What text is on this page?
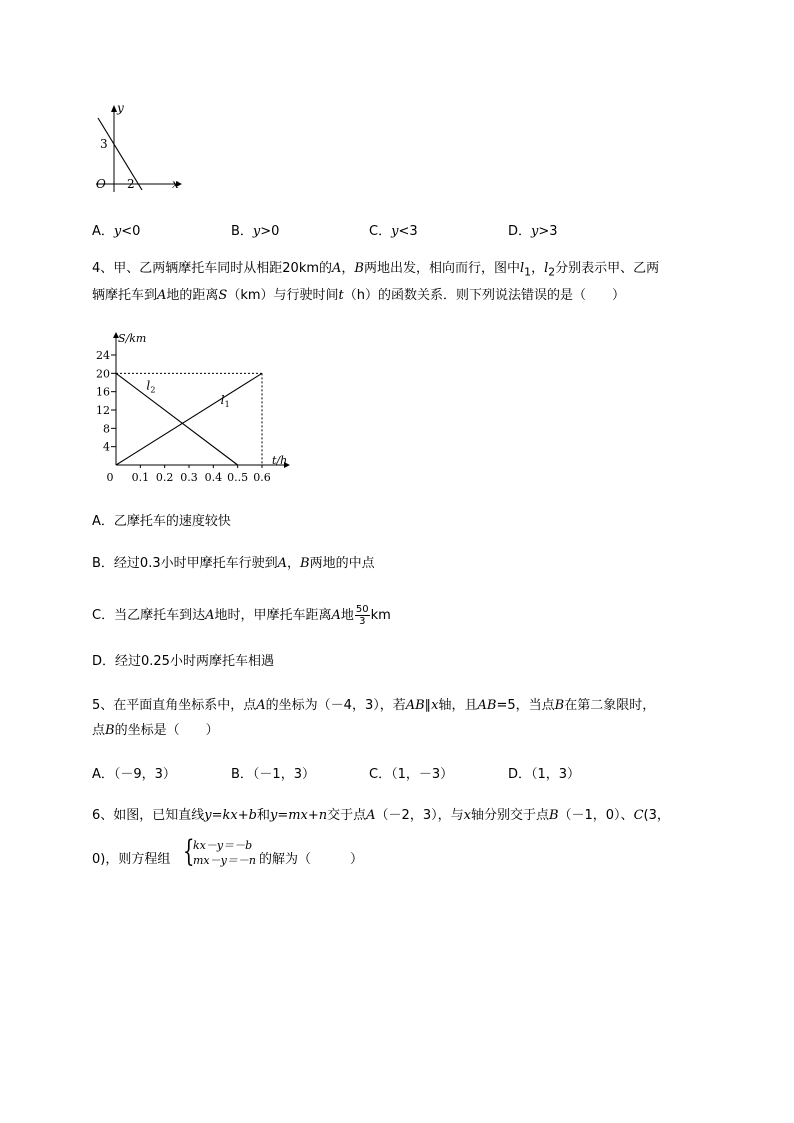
y
x
O
3
2
A．y<0	B．y>0	C．y<3	D．y>3
4、甲、乙两辆摩托车同时从相距20km的A，B两地出发，相向而行，图中$l_1$，$l_2$分别表示甲、乙两
辆摩托车到A地的距离S（km）与行驶时间t（h）的函数关系．则下列说法错误的是（　　）
S/km
t/h
4
8
12
16
20
24
0 0.1 0.2 0.3 0.4 0..5 0.6
l 2
l 1
A．乙摩托车的速度较快
B．经过0.3小时甲摩托车行驶到A，B两地的中点
C．当乙摩托车到达A地时，甲摩托车距离A地 $\frac{50}{3}$ km
D．经过0.25小时两摩托车相遇
5、在平面直角坐标系中，点A的坐标为（－4，3），若AB∥x轴，且AB=5，当点B在第二象限时，
点B的坐标是（　　）
A．（－9，3）	B．（－1，3）	C．（1，－3）	D．（1，3）
6、如图，已知直线y=kx+b和y=mx+n交于点A（－2，3），与x轴分别交于点B（－1，0）、C(3，
0)，则方程组 {
kx－y＝－b
mx－y＝－n 的解为（　　　）
